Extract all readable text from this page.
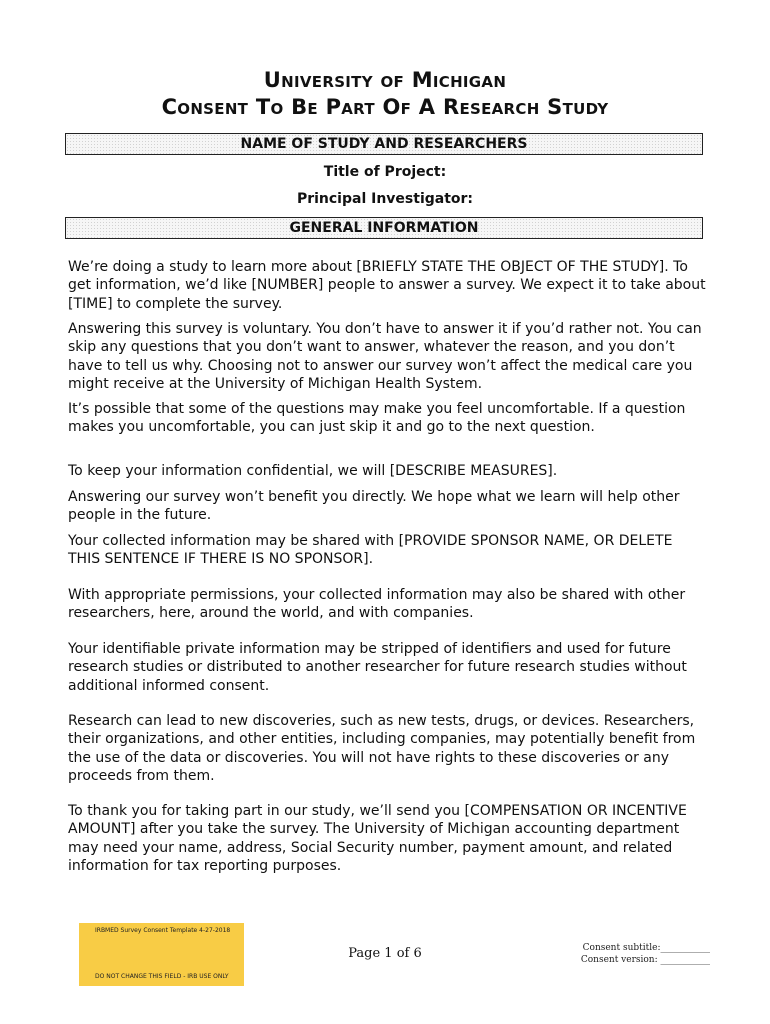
University of Michigan
Consent To Be Part Of A Research Study
NAME OF STUDY AND RESEARCHERS
Title of Project:
Principal Investigator:
GENERAL INFORMATION

We’re doing a study to learn more about [BRIEFLY STATE THE OBJECT OF THE STUDY]. To get information, we’d like [NUMBER] people to answer a survey. We expect it to take about [TIME] to complete the survey.

Answering this survey is voluntary. You don’t have to answer it if you’d rather not. You can skip any questions that you don’t want to answer, whatever the reason, and you don’t have to tell us why. Choosing not to answer our survey won’t affect the medical care you might receive at the University of Michigan Health System.

It’s possible that some of the questions may make you feel uncomfortable. If a question makes you uncomfortable, you can just skip it and go to the next question.

To keep your information confidential, we will [DESCRIBE MEASURES].

Answering our survey won’t benefit you directly. We hope what we learn will help other people in the future.

Your collected information may be shared with [PROVIDE SPONSOR NAME, OR DELETE THIS SENTENCE IF THERE IS NO SPONSOR].

With appropriate permissions, your collected information may also be shared with other researchers, here, around the world, and with companies.

Your identifiable private information may be stripped of identifiers and used for future research studies or distributed to another researcher for future research studies without additional informed consent.

Research can lead to new discoveries, such as new tests, drugs, or devices. Researchers, their organizations, and other entities, including companies, may potentially benefit from the use of the data or discoveries. You will not have rights to these discoveries or any proceeds from them.

To thank you for taking part in our study, we’ll send you [COMPENSATION OR INCENTIVE AMOUNT] after you take the survey. The University of Michigan accounting department may need your name, address, Social Security number, payment amount, and related information for tax reporting purposes.

IRBMED Survey Consent Template 4-27-2018
DO NOT CHANGE THIS FIELD - IRB USE ONLY
Page 1 of 6	Consent subtitle:___________
Consent version: ___________
